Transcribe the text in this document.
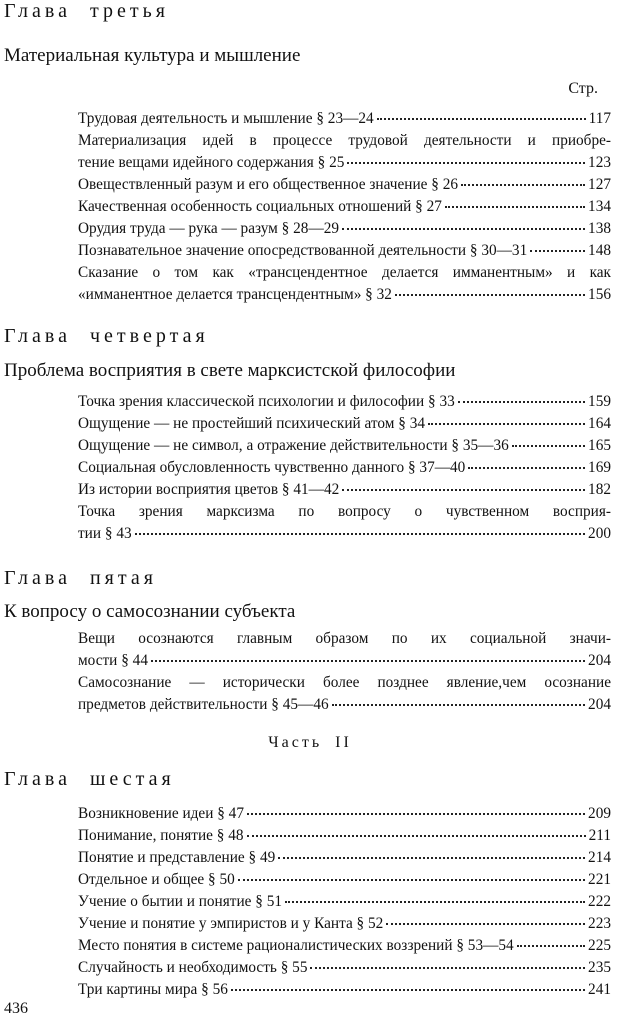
Глава третья
Материальная культура и мышление
Стр.
Трудовая деятельность и мышление § 23—24	117
Материализация идей в процессе трудовой деятельности и приобре-
тение вещами идейного содержания § 25	123
Овеществленный разум и его общественное значение § 26	127
Качественная особенность социальных отношений § 27	134
Орудия труда — рука — разум § 28—29	138
Познавательное значение опосредствованной деятельности § 30—31	148
Сказание о том как «трансцендентное делается имманентным» и как
«имманентное делается трансцендентным» § 32	156
Глава четвертая
Проблема восприятия в свете марксистской философии
Точка зрения классической психологии и философии § 33	159
Ощущение — не простейший психический атом § 34	164
Ощущение — не символ, а отражение действительности § 35—36	165
Социальная обусловленность чувственно данного § 37—40	169
Из истории восприятия цветов § 41—42	182
Точка зрения марксизма по вопросу о чувственном восприя-
тии § 43	200
Глава пятая
К вопросу о самосознании субъекта
Вещи осознаются главным образом по их социальной значи-
мости § 44	204
Самосознание — исторически более позднее явление,чем осознание
предметов действительности § 45—46	204
Часть II
Глава шестая
Возникновение идеи § 47	209
Понимание, понятие § 48	211
Понятие и представление § 49	214
Отдельное и общее § 50	221
Учение о бытии и понятие § 51	222
Учение и понятие у эмпиристов и у Канта § 52	223
Место понятия в системе рационалистических воззрений § 53—54	225
Случайность и необходимость § 55	235
Три картины мира § 56	241
436
